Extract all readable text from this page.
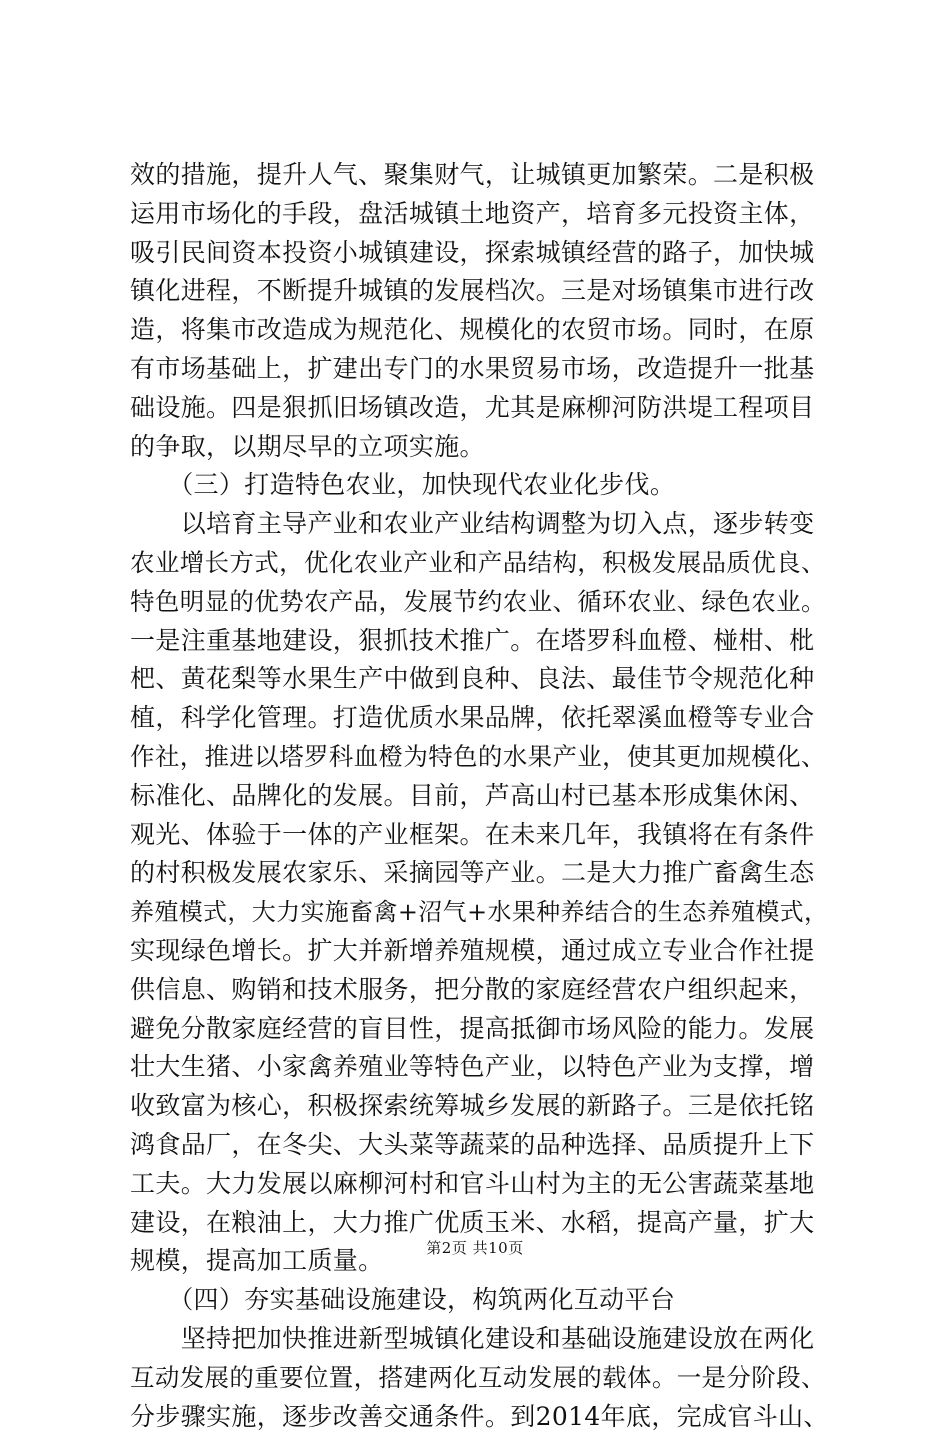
效的措施，提升人气、聚集财气，让城镇更加繁荣。二是积极
运用市场化的手段，盘活城镇土地资产，培育多元投资主体，
吸引民间资本投资小城镇建设，探索城镇经营的路子，加快城
镇化进程，不断提升城镇的发展档次。三是对场镇集市进行改
造，将集市改造成为规范化、规模化的农贸市场。同时，在原
有市场基础上，扩建出专门的水果贸易市场，改造提升一批基
础设施。四是狠抓旧场镇改造，尤其是麻柳河防洪堤工程项目
的争取，以期尽早的立项实施。
　　（三）打造特色农业，加快现代农业化步伐。
　　以培育主导产业和农业产业结构调整为切入点，逐步转变
农业增长方式，优化农业产业和产品结构，积极发展品质优良、
特色明显的优势农产品，发展节约农业、循环农业、绿色农业。
一是注重基地建设，狠抓技术推广。在塔罗科血橙、椪柑、枇
杷、黄花梨等水果生产中做到良种、良法、最佳节令规范化种
植，科学化管理。打造优质水果品牌，依托翠溪血橙等专业合
作社，推进以塔罗科血橙为特色的水果产业，使其更加规模化、
标准化、品牌化的发展。目前，芦高山村已基本形成集休闲、
观光、体验于一体的产业框架。在未来几年，我镇将在有条件
的村积极发展农家乐、采摘园等产业。二是大力推广畜禽生态
养殖模式，大力实施畜禽+沼气+水果种养结合的生态养殖模式，
实现绿色增长。扩大并新增养殖规模，通过成立专业合作社提
供信息、购销和技术服务，把分散的家庭经营农户组织起来，
避免分散家庭经营的盲目性，提高抵御市场风险的能力。发展
壮大生猪、小家禽养殖业等特色产业，以特色产业为支撑，增
收致富为核心，积极探索统筹城乡发展的新路子。三是依托铭
鸿食品厂，在冬尖、大头菜等蔬菜的品种选择、品质提升上下
工夫。大力发展以麻柳河村和官斗山村为主的无公害蔬菜基地
建设，在粮油上，大力推广优质玉米、水稻，提高产量，扩大
规模，提高加工质量。
　　（四）夯实基础设施建设，构筑两化互动平台
　　坚持把加快推进新型城镇化建设和基础设施建设放在两化
互动发展的重要位置，搭建两化互动发展的载体。一是分阶段、
分步骤实施，逐步改善交通条件。到2014年底，完成官斗山、
第2页 共10页
